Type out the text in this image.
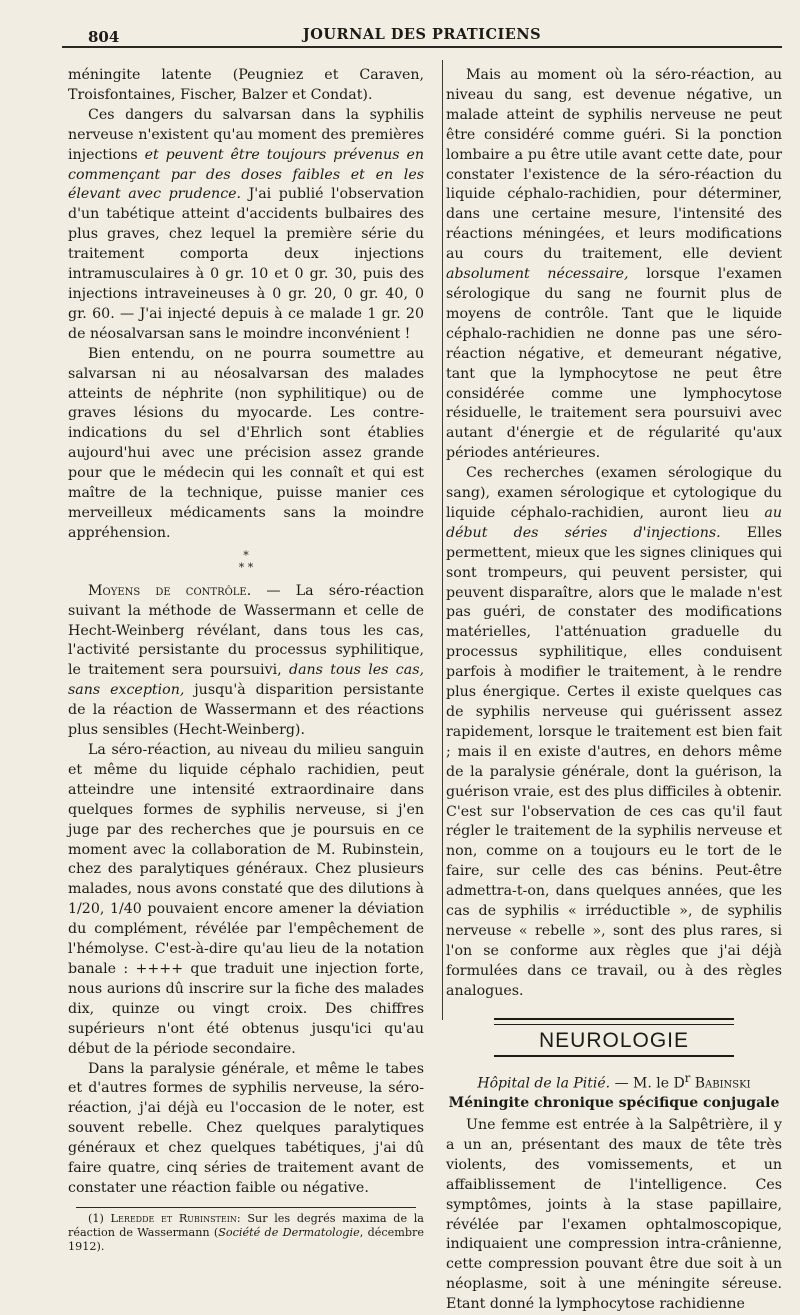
804	JOURNAL DES PRATICIENS

méningite latente (Peugniez et Caraven, Troisfontaines, Fischer, Balzer et Condat).

Ces dangers du salvarsan dans la syphilis nerveuse n'existent qu'au moment des premières injections et peuvent être toujours prévenus en commençant par des doses faibles et en les élevant avec prudence. J'ai publié l'observation d'un tabétique atteint d'accidents bulbaires des plus graves, chez lequel la première série du traitement comporta deux injections intramusculaires à 0 gr. 10 et 0 gr. 30, puis des injections intraveineuses à 0 gr. 20, 0 gr. 40, 0 gr. 60. — J'ai injecté depuis à ce malade 1 gr. 20 de néosalvarsan sans le moindre inconvénient !

Bien entendu, on ne pourra soumettre au salvarsan ni au néosalvarsan des malades atteints de néphrite (non syphilitique) ou de graves lésions du myocarde. Les contre-indications du sel d'Ehrlich sont établies aujourd'hui avec une précision assez grande pour que le médecin qui les connaît et qui est maître de la technique, puisse manier ces merveilleux médicaments sans la moindre appréhension.

*
* *

Moyens de contrôle. — La séro-réaction suivant la méthode de Wassermann et celle de Hecht-Weinberg révélant, dans tous les cas, l'activité persistante du processus syphilitique, le traitement sera poursuivi, dans tous les cas, sans exception, jusqu'à disparition persistante de la réaction de Wassermann et des réactions plus sensibles (Hecht-Weinberg).

La séro-réaction, au niveau du milieu sanguin et même du liquide céphalo rachidien, peut atteindre une intensité extraordinaire dans quelques formes de syphilis nerveuse, si j'en juge par des recherches que je poursuis en ce moment avec la collaboration de M. Rubinstein, chez des paralytiques généraux. Chez plusieurs malades, nous avons constaté que des dilutions à 1/20, 1/40 pouvaient encore amener la déviation du complément, révélée par l'empêchement de l'hémolyse. C'est-à-dire qu'au lieu de la notation banale : ++++ que traduit une injection forte, nous aurions dû inscrire sur la fiche des malades dix, quinze ou vingt croix. Des chiffres supérieurs n'ont été obtenus jusqu'ici qu'au début de la période secondaire.

Dans la paralysie générale, et même le tabes et d'autres formes de syphilis nerveuse, la séro-réaction, j'ai déjà eu l'occasion de le noter, est souvent rebelle. Chez quelques paralytiques généraux et chez quelques tabétiques, j'ai dû faire quatre, cinq séries de traitement avant de constater une réaction faible ou négative.

(1) Leredde et Rubinstein: Sur les degrés maxima de la réaction de Wassermann (Société de Dermatologie, décembre 1912).

Mais au moment où la séro-réaction, au niveau du sang, est devenue négative, un malade atteint de syphilis nerveuse ne peut être considéré comme guéri. Si la ponction lombaire a pu être utile avant cette date, pour constater l'existence de la séro-réaction du liquide céphalo-rachidien, pour déterminer, dans une certaine mesure, l'intensité des réactions méningées, et leurs modifications au cours du traitement, elle devient absolument nécessaire, lorsque l'examen sérologique du sang ne fournit plus de moyens de contrôle. Tant que le liquide céphalo-rachidien ne donne pas une séro-réaction négative, et demeurant négative, tant que la lymphocytose ne peut être considérée comme une lymphocytose résiduelle, le traitement sera poursuivi avec autant d'énergie et de régularité qu'aux périodes antérieures.

Ces recherches (examen sérologique du sang), examen sérologique et cytologique du liquide céphalo-rachidien, auront lieu au début des séries d'injections. Elles permettent, mieux que les signes cliniques qui sont trompeurs, qui peuvent persister, qui peuvent disparaître, alors que le malade n'est pas guéri, de constater des modifications matérielles, l'atténuation graduelle du processus syphilitique, elles conduisent parfois à modifier le traitement, à le rendre plus énergique. Certes il existe quelques cas de syphilis nerveuse qui guérissent assez rapidement, lorsque le traitement est bien fait ; mais il en existe d'autres, en dehors même de la paralysie générale, dont la guérison, la guérison vraie, est des plus difficiles à obtenir. C'est sur l'observation de ces cas qu'il faut régler le traitement de la syphilis nerveuse et non, comme on a toujours eu le tort de le faire, sur celle des cas bénins. Peut-être admettra-t-on, dans quelques années, que les cas de syphilis « irréductible », de syphilis nerveuse « rebelle », sont des plus rares, si l'on se conforme aux règles que j'ai déjà formulées dans ce travail, ou à des règles analogues.

NEUROLOGIE
Hôpital de la Pitié. — M. le $D^r$ Babinski
Méningite chronique spécifique conjugale

Une femme est entrée à la Salpêtrière, il y a un an, présentant des maux de tête très violents, des vomissements, et un affaiblissement de l'intelligence. Ces symptômes, joints à la stase papillaire, révélée par l'examen ophtalmoscopique, indiquaient une compression intra-crânienne, cette compression pouvant être due soit à un néoplasme, soit à une méningite séreuse. Etant donné la lymphocytose rachidienne
